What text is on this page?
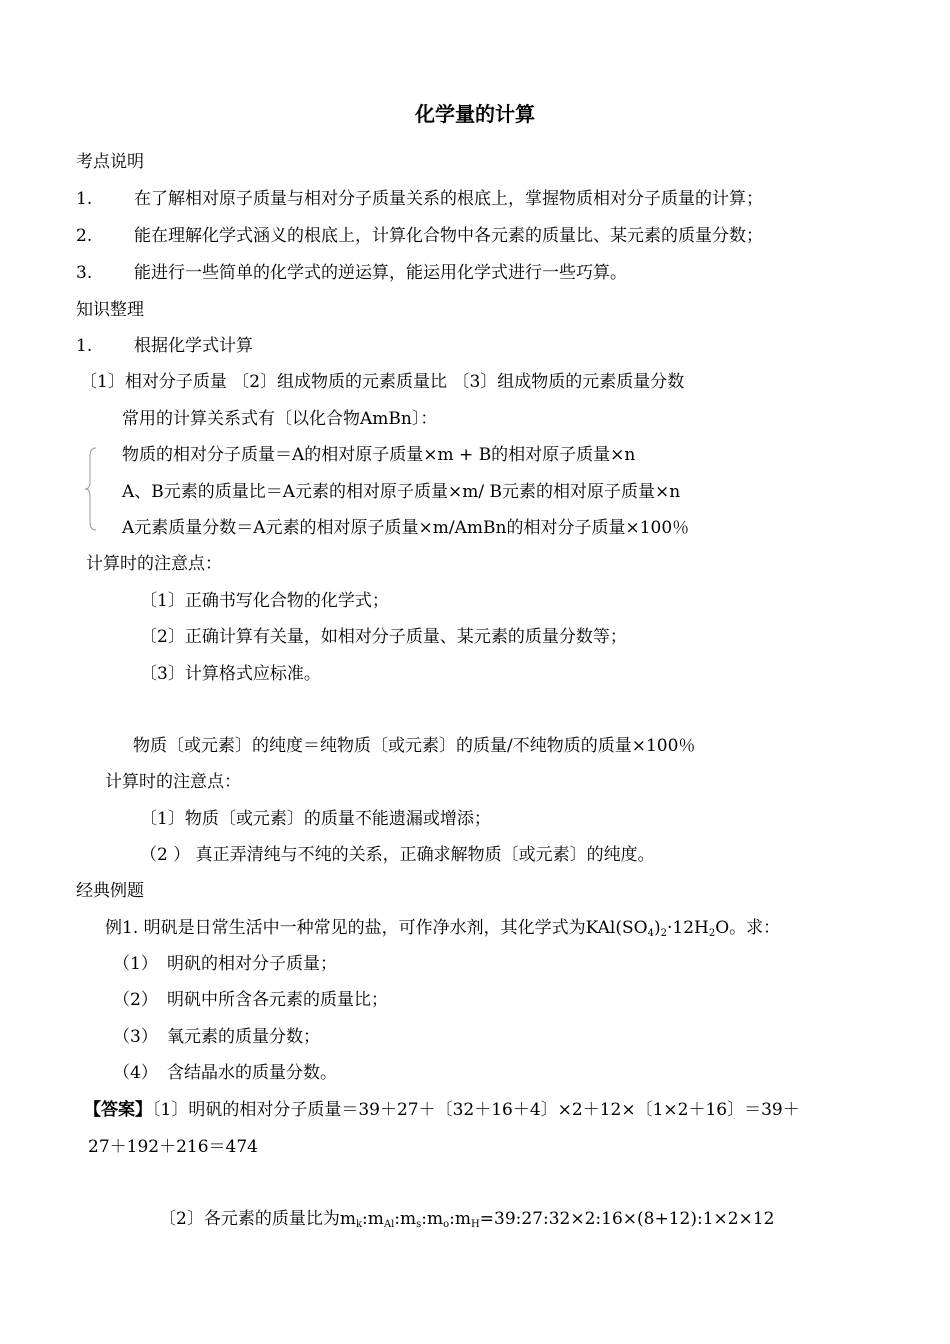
化学量的计算
考点说明
1. 在了解相对原子质量与相对分子质量关系的根底上，掌握物质相对分子质量的计算；
2. 能在理解化学式涵义的根底上，计算化合物中各元素的质量比、某元素的质量分数；
3. 能进行一些简单的化学式的逆运算，能运用化学式进行一些巧算。
知识整理
1. 根据化学式计算
〔1〕相对分子质量 〔2〕组成物质的元素质量比 〔3〕组成物质的元素质量分数
常用的计算关系式有〔以化合物AmBn〕：
物质的相对分子质量＝A的相对原子质量×m + B的相对原子质量×n
A、B元素的质量比＝A元素的相对原子质量×m/ B元素的相对原子质量×n
A元素质量分数＝A元素的相对原子质量×m/AmBn的相对分子质量×100％
计算时的注意点：
〔1〕正确书写化合物的化学式；
〔2〕正确计算有关量，如相对分子质量、某元素的质量分数等；
〔3〕计算格式应标准。
物质〔或元素〕的纯度＝纯物质〔或元素〕的质量/不纯物质的质量×100％
计算时的注意点：
〔1〕物质〔或元素〕的质量不能遗漏或增添；
（2 ） 真正弄清纯与不纯的关系，正确求解物质〔或元素〕的纯度。
经典例题
例1. 明矾是日常生活中一种常见的盐，可作净水剂，其化学式为$KAl(SO_4)_2\cdot 12H_2O$。求：
（1） 明矾的相对分子质量；
（2） 明矾中所含各元素的质量比；
（3） 氧元素的质量分数；
（4） 含结晶水的质量分数。
【答案】〔1〕明矾的相对分子质量＝39＋27＋〔32＋16＋4〕×2＋12×〔1×2＋16〕＝39＋
27＋192＋216＝474
〔2〕各元素的质量比为$m_k:m_{Al}:m_s:m_o:m_H=39:27:32\times 2:16\times(8+12):1\times 2\times 12$
